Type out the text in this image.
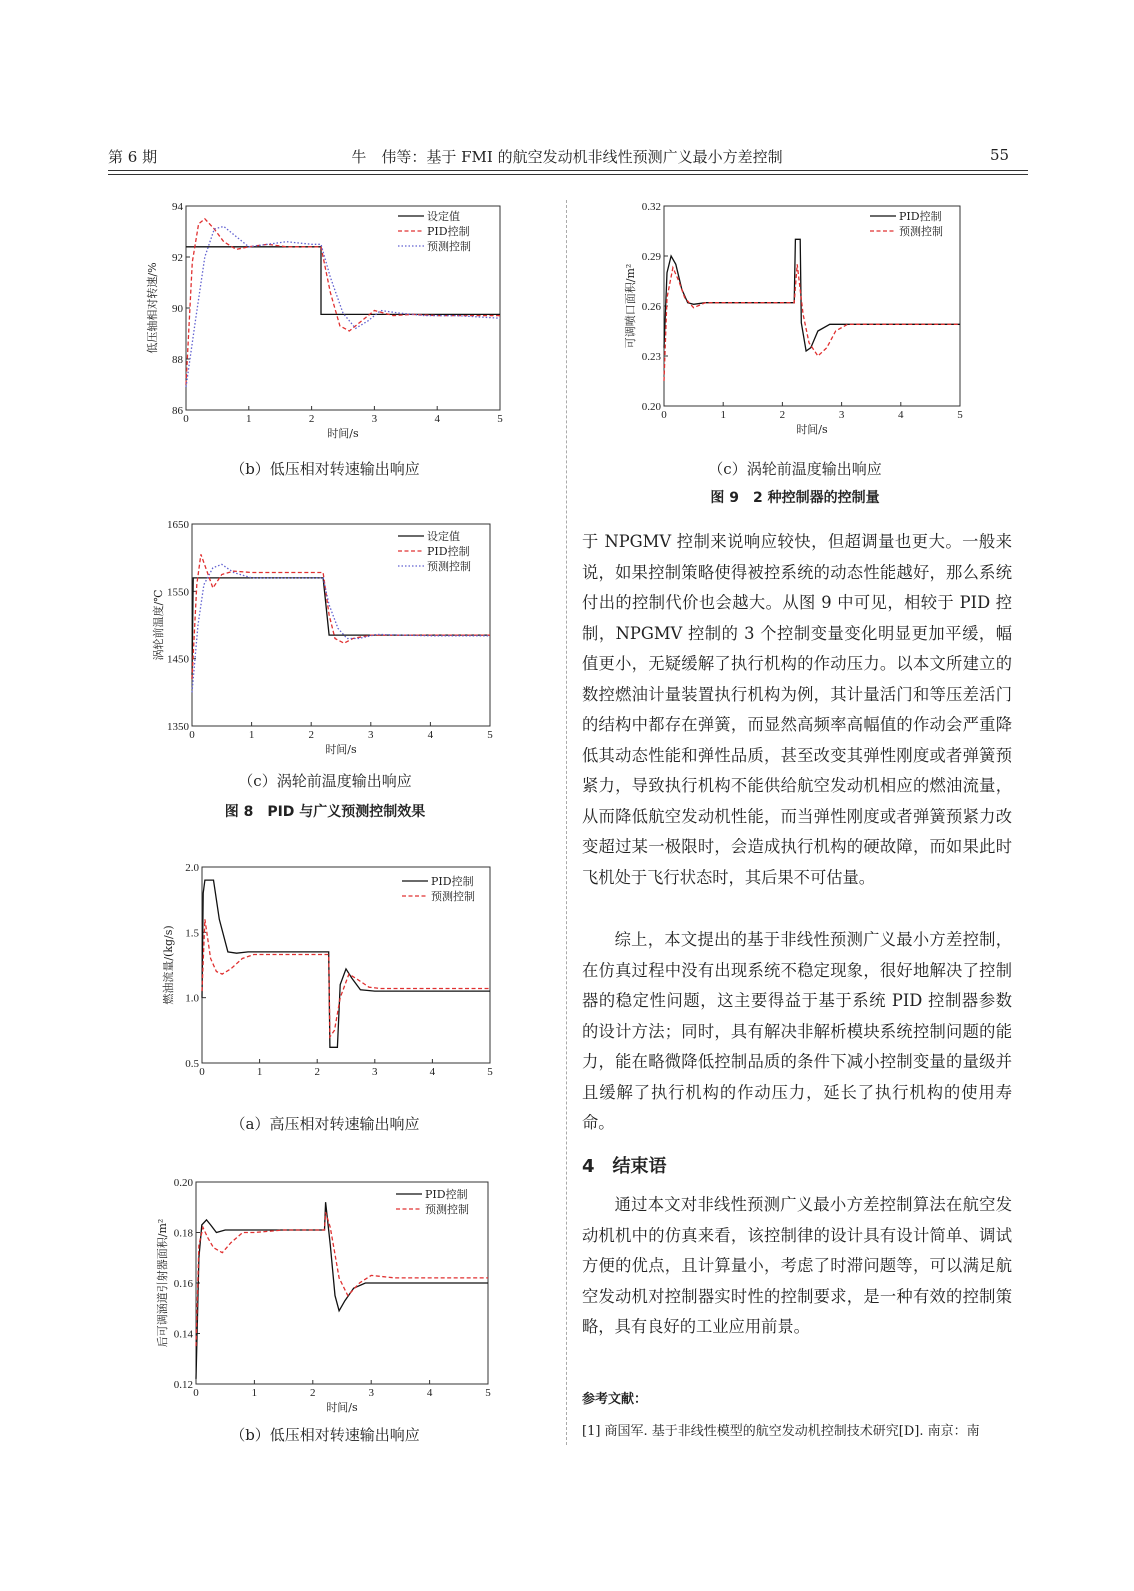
第 6 期	牛　伟等：基于 FMI 的航空发动机非线性预测广义最小方差控制	55
0	1	2	3	4	5
86
88
90
92
94
时间/s
低压轴相对转速/%
设定值
PID控制
预测控制
（b）低压相对转速输出响应
0	1	2	3	4	5
1350
1450
1550
1650
时间/s
涡轮前温度/℃
设定值
PID控制
预测控制
（c）涡轮前温度输出响应
图 8　PID 与广义预测控制效果
0	1	2	3	4	5
0.5
1.0
1.5
2.0
燃油流量/(kg/s)
PID控制
预测控制
（a）高压相对转速输出响应
0	1	2	3	4	5
0.12
0.14
0.16
0.18
0.20
时间/s
后可调涵道引射器面积/m²
PID控制
预测控制
（b）低压相对转速输出响应
0	1	2	3	4	5
0.20
0.23
0.26
0.29
0.32
时间/s
可调喷口面积/m²
PID控制
预测控制
（c）涡轮前温度输出响应
图 9　2 种控制器的控制量

于 NPGMV 控制来说响应较快，但超调量也更大。一般来说，如果控制策略使得被控系统的动态性能越好，那么系统付出的控制代价也会越大。从图 9 中可见，相较于 PID 控制，NPGMV 控制的 3 个控制变量变化明显更加平缓，幅值更小，无疑缓解了执行机构的作动压力。以本文所建立的数控燃油计量装置执行机构为例，其计量活门和等压差活门的结构中都存在弹簧，而显然高频率高幅值的作动会严重降低其动态性能和弹性品质，甚至改变其弹性刚度或者弹簧预紧力，导致执行机构不能供给航空发动机相应的燃油流量，从而降低航空发动机性能，而当弹性刚度或者弹簧预紧力改变超过某一极限时，会造成执行机构的硬故障，而如果此时飞机处于飞行状态时，其后果不可估量。

综上，本文提出的基于非线性预测广义最小方差控制，在仿真过程中没有出现系统不稳定现象，很好地解决了控制器的稳定性问题，这主要得益于基于系统 PID 控制器参数的设计方法；同时，具有解决非解析模块系统控制问题的能力，能在略微降低控制品质的条件下减小控制变量的量级并且缓解了执行机构的作动压力，延长了执行机构的使用寿命。

4　结束语

通过本文对非线性预测广义最小方差控制算法在航空发动机机中的仿真来看，该控制律的设计具有设计简单、调试方便的优点，且计算量小，考虑了时滞问题等，可以满足航空发动机对控制器实时性的控制要求，是一种有效的控制策略，具有良好的工业应用前景。

参考文献：
[1] 商国军. 基于非线性模型的航空发动机控制技术研究[D]. 南京：南
